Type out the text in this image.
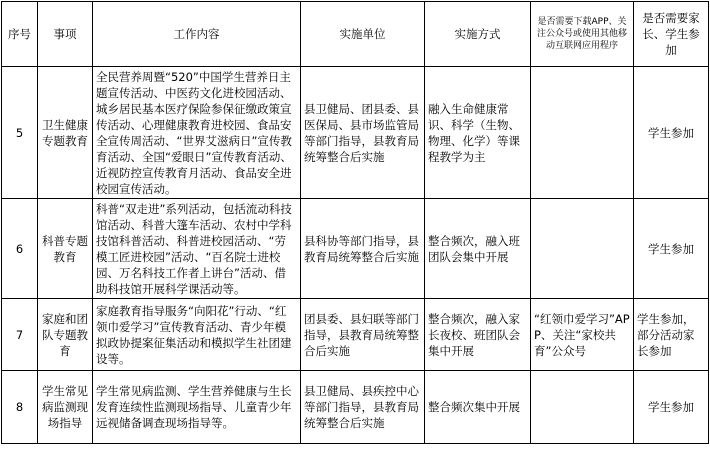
序号	事项	工作内容	实施单位	实施方式	是否需要下载APP、关注公众号或使用其他移动互联网应用程序	是否需要家长、学生参加
5	卫生健康专题教育	全民营养周暨“520”中国学生营养日主题宣传活动、中医药文化进校园活动、城乡居民基本医疗保险参保征缴政策宣传活动、心理健康教育进校园、食品安全宣传周活动、“世界艾滋病日”宣传教育活动、全国“爱眼日”宣传教育活动、近视防控宣传教育月活动、食品安全进校园宣传活动。	县卫健局、团县委、县医保局、县市场监管局等部门指导，县教育局统筹整合后实施	融入生命健康常识、科学（生物、物理、化学）等课程教学为主		学生参加
6	科普专题教育	科普“双走进”系列活动，包括流动科技馆活动、科普大篷车活动、农村中学科技馆科普活动、科普进校园活动、“劳模工匠进校园”活动、“百名院士进校园、万名科技工作者上讲台”活动、借助科技馆开展科学课活动等。	县科协等部门指导，县教育局统筹整合后实施	整合频次，融入班团队会集中开展		学生参加
7	家庭和团队专题教育	家庭教育指导服务“向阳花”行动、“红领巾爱学习”宣传教育活动、青少年模拟政协提案征集活动和模拟学生社团建设等。	团县委、县妇联等部门指导，县教育局统筹整合后实施	整合频次，融入家长夜校、班团队会集中开展	“红领巾爱学习”APP、关注“家校共育”公众号	学生参加，部分活动家长参加
8	学生常见病监测现场指导	学生常见病监测、学生营养健康与生长发育连续性监测现场指导、儿童青少年远视储备调查现场指导等。	县卫健局、县疾控中心等部门指导，县教育局统筹整合后实施	整合频次集中开展		学生参加
